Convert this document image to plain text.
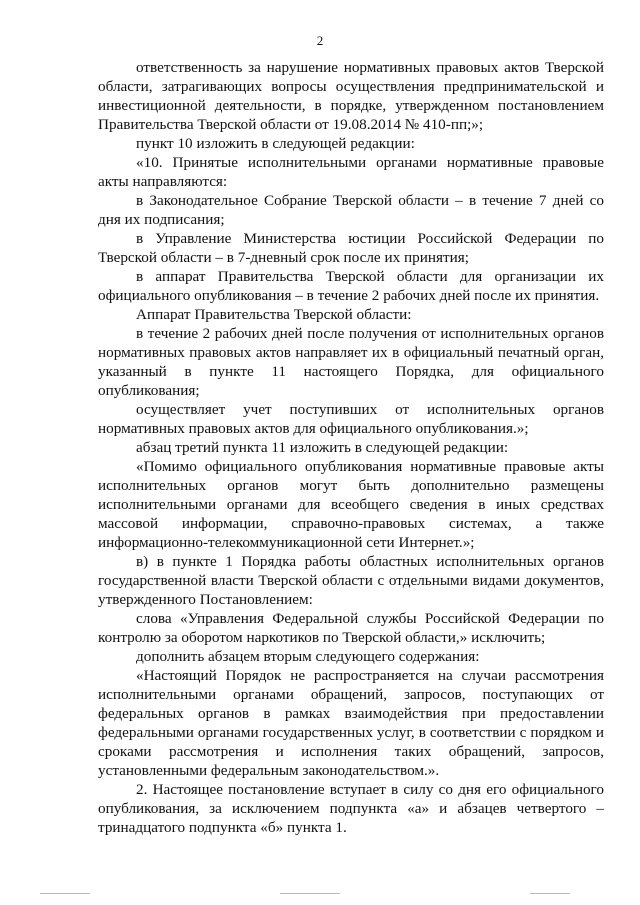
2

ответственность за нарушение нормативных правовых актов Тверской области, затрагивающих вопросы осуществления предпринимательской и инвестиционной деятельности, в порядке, утвержденном постановлением Правительства Тверской области от 19.08.2014 № 410-пп;»;

пункт 10 изложить в следующей редакции:

«10. Принятые исполнительными органами нормативные правовые акты направляются:

в Законодательное Собрание Тверской области – в течение 7 дней со дня их подписания;

в Управление Министерства юстиции Российской Федерации по Тверской области – в 7-дневный срок после их принятия;

в аппарат Правительства Тверской области для организации их официального опубликования – в течение 2 рабочих дней после их принятия.

Аппарат Правительства Тверской области:

в течение 2 рабочих дней после получения от исполнительных органов нормативных правовых актов направляет их в официальный печатный орган, указанный в пункте 11 настоящего Порядка, для официального опубликования;

осуществляет учет поступивших от исполнительных органов нормативных правовых актов для официального опубликования.»;

абзац третий пункта 11 изложить в следующей редакции:

«Помимо официального опубликования нормативные правовые акты исполнительных органов могут быть дополнительно размещены исполнительными органами для всеобщего сведения в иных средствах массовой информации, справочно-правовых системах, а также информационно-телекоммуникационной сети Интернет.»;

в) в пункте 1 Порядка работы областных исполнительных органов государственной власти Тверской области с отдельными видами документов, утвержденного Постановлением:

слова «Управления Федеральной службы Российской Федерации по контролю за оборотом наркотиков по Тверской области,» исключить;

дополнить абзацем вторым следующего содержания:

«Настоящий Порядок не распространяется на случаи рассмотрения исполнительными органами обращений, запросов, поступающих от федеральных органов в рамках взаимодействия при предоставлении федеральными органами государственных услуг, в соответствии с порядком и сроками рассмотрения и исполнения таких обращений, запросов, установленными федеральным законодательством.».

2. Настоящее постановление вступает в силу со дня его официального опубликования, за исключением подпункта «а» и абзацев четвертого – тринадцатого подпункта «б» пункта 1.
